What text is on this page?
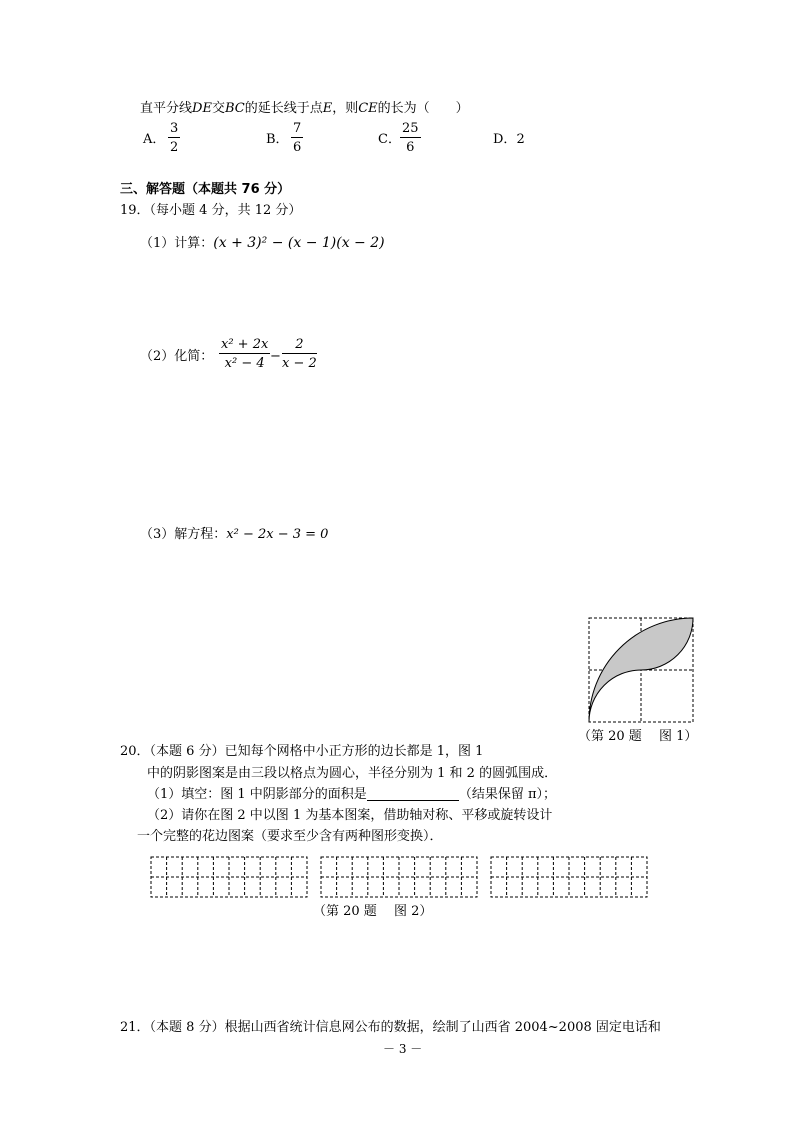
直平分线DE交BC的延长线于点E，则CE的长为（　　）
A． $\frac{3}{2}$	B． $\frac{7}{6}$	C． $\frac{25}{6}$	D．2
三、解答题（本题共 76 分）
19．（每小题 4 分，共 12 分）
（1）计算：(x + 3)² − (x − 1)(x − 2)
（2）化简： $\frac{\text{x² + 2x}}{\text{x² − 4}} - \frac{2}{x - 2}$
（3）解方程：x² − 2x − 3 = 0
（第 20 题　 图 1）
20．（本题 6 分）已知每个网格中小正方形的边长都是 1，图 1
中的阴影图案是由三段以格点为圆心，半径分别为 1 和 2 的圆弧围成．
（1）填空：图 1 中阴影部分的面积是	（结果保留 π）；
（2）请你在图 2 中以图 1 为基本图案，借助轴对称、平移或旋转设计
一个完整的花边图案（要求至少含有两种图形变换）．
（第 20 题　 图 2）
21．（本题 8 分）根据山西省统计信息网公布的数据，绘制了山西省 2004~2008 固定电话和
－ 3 －
